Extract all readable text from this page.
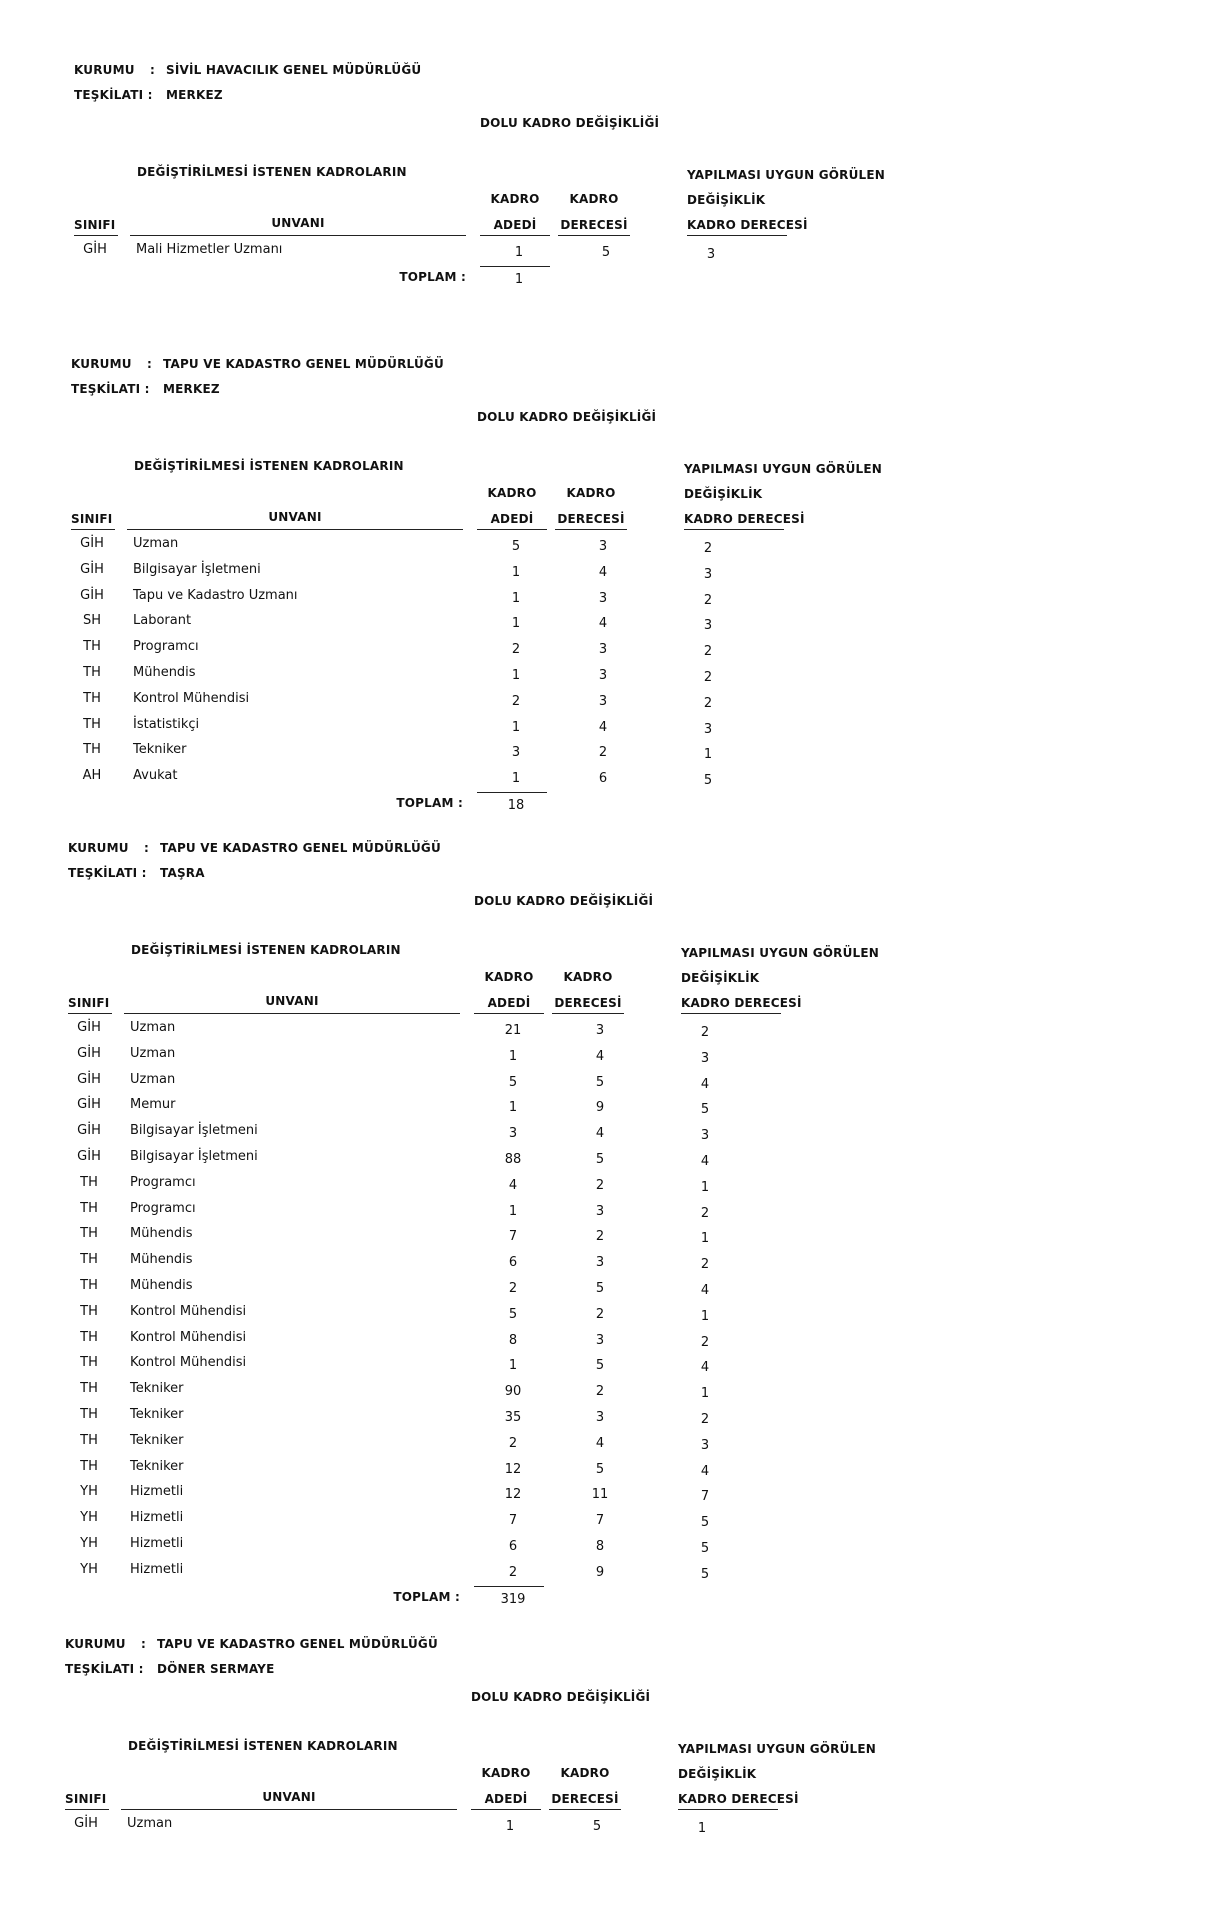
KURUMU : SİVİL HAVACILIK GENEL MÜDÜRLÜĞÜ
TEŞKİLATI : MERKEZ
DOLU KADRO DEĞİŞİKLİĞİ
DEĞİŞTİRİLMESİ İSTENEN KADROLARIN	YAPILMASI UYGUN GÖRÜLEN
KADRO	KADRO	DEĞİŞİKLİK
SINIFI	UNVANI	ADEDİ DERECESİ	KADRO DERECESİ
GİH Mali Hizmetler Uzmanı	1	5	3
TOPLAM :	1
KURUMU : TAPU VE KADASTRO GENEL MÜDÜRLÜĞÜ
TEŞKİLATI : MERKEZ
DOLU KADRO DEĞİŞİKLİĞİ
DEĞİŞTİRİLMESİ İSTENEN KADROLARIN	YAPILMASI UYGUN GÖRÜLEN
KADRO	KADRO	DEĞİŞİKLİK
SINIFI	UNVANI	ADEDİ DERECESİ	KADRO DERECESİ
GİH Uzman	5	3	2
GİH Bilgisayar İşletmeni	1	4	3
GİH Tapu ve Kadastro Uzmanı	1	3	2
SH Laborant	1	4	3
TH Programcı	2	3	2
TH Mühendis	1	3	2
TH Kontrol Mühendisi	2	3	2
TH İstatistikçi	1	4	3
TH Tekniker	3	2	1
AH Avukat	1	6	5
TOPLAM :	18
KURUMU : TAPU VE KADASTRO GENEL MÜDÜRLÜĞÜ
TEŞKİLATI : TAŞRA
DOLU KADRO DEĞİŞİKLİĞİ
DEĞİŞTİRİLMESİ İSTENEN KADROLARIN	YAPILMASI UYGUN GÖRÜLEN
KADRO	KADRO	DEĞİŞİKLİK
SINIFI	UNVANI	ADEDİ DERECESİ	KADRO DERECESİ
GİH Uzman	21	3	2
GİH Uzman	1	4	3
GİH Uzman	5	5	4
GİH Memur	1	9	5
GİH Bilgisayar İşletmeni	3	4	3
GİH Bilgisayar İşletmeni	88	5	4
TH Programcı	4	2	1
TH Programcı	1	3	2
TH Mühendis	7	2	1
TH Mühendis	6	3	2
TH Mühendis	2	5	4
TH Kontrol Mühendisi	5	2	1
TH Kontrol Mühendisi	8	3	2
TH Kontrol Mühendisi	1	5	4
TH Tekniker	90	2	1
TH Tekniker	35	3	2
TH Tekniker	2	4	3
TH Tekniker	12	5	4
YH Hizmetli	12	11	7
YH Hizmetli	7	7	5
YH Hizmetli	6	8	5
YH Hizmetli	2	9	5
TOPLAM :	319
KURUMU : TAPU VE KADASTRO GENEL MÜDÜRLÜĞÜ
TEŞKİLATI : DÖNER SERMAYE
DOLU KADRO DEĞİŞİKLİĞİ
DEĞİŞTİRİLMESİ İSTENEN KADROLARIN	YAPILMASI UYGUN GÖRÜLEN
KADRO	KADRO	DEĞİŞİKLİK
SINIFI	UNVANI	ADEDİ DERECESİ	KADRO DERECESİ
GİH Uzman	1	5	1
